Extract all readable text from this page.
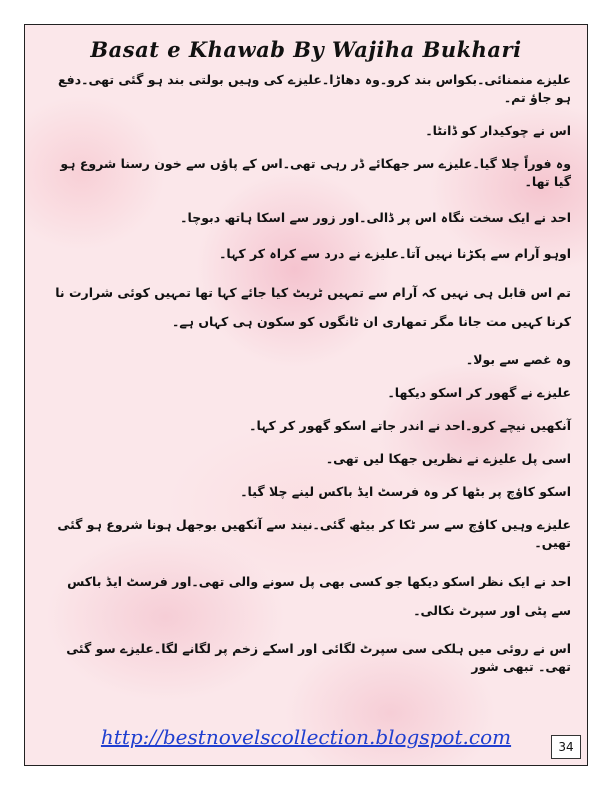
Basat e Khawab By Wajiha Bukhari

علیزے منمنائی۔بکواس بند کرو۔وہ دھاڑا۔علیزے کی وہیں بولتی بند ہو گئی تھی۔دفع ہو جاؤ تم۔

اس نے چوکیدار کو ڈانٹا۔

وہ فوراً چلا گیا۔علیزے سر جھکائے ڈر رہی تھی۔اس کے پاؤں سے خون رسنا شروع ہو گیا تھا۔

احد نے ایک سخت نگاہ اس پر ڈالی۔اور زور سے اسکا ہاتھ دبوچا۔

اوہو آرام سے پکڑنا نہیں آتا۔علیزے نے درد سے کراہ کر کہا۔

تم اس قابل ہی نہیں کہ آرام سے تمہیں ٹریٹ کیا جائے کہا تھا تمہیں کوئی شرارت نا کرنا کہیں مت جانا مگر تمھاری ان ٹانگوں کو سکون ہی کہاں ہے۔

وہ غصے سے بولا۔

علیزے نے گھور کر اسکو دیکھا۔

آنکھیں نیچے کرو۔احد نے اندر جاتے اسکو گھور کر کہا۔

اسی پل علیزے نے نظریں جھکا لیں تھی۔

اسکو کاؤچ پر بٹھا کر وہ فرسٹ ایڈ باکس لینے چلا گیا۔

علیزے وہیں کاؤچ سے سر ٹکا کر بیٹھ گئی۔نیند سے آنکھیں بوجھل ہونا شروع ہو گئی تھیں۔

احد نے ایک نظر اسکو دیکھا جو کسی بھی پل سونے والی تھی۔اور فرسٹ ایڈ باکس سے پٹی اور سپرٹ نکالی۔

اس نے روئی میں ہلکی سی سپرٹ لگائی اور اسکے زخم پر لگانے لگا۔علیزے سو گئی تھی۔ تبھی شور

http://bestnovelscollection.blogspot.com	34
